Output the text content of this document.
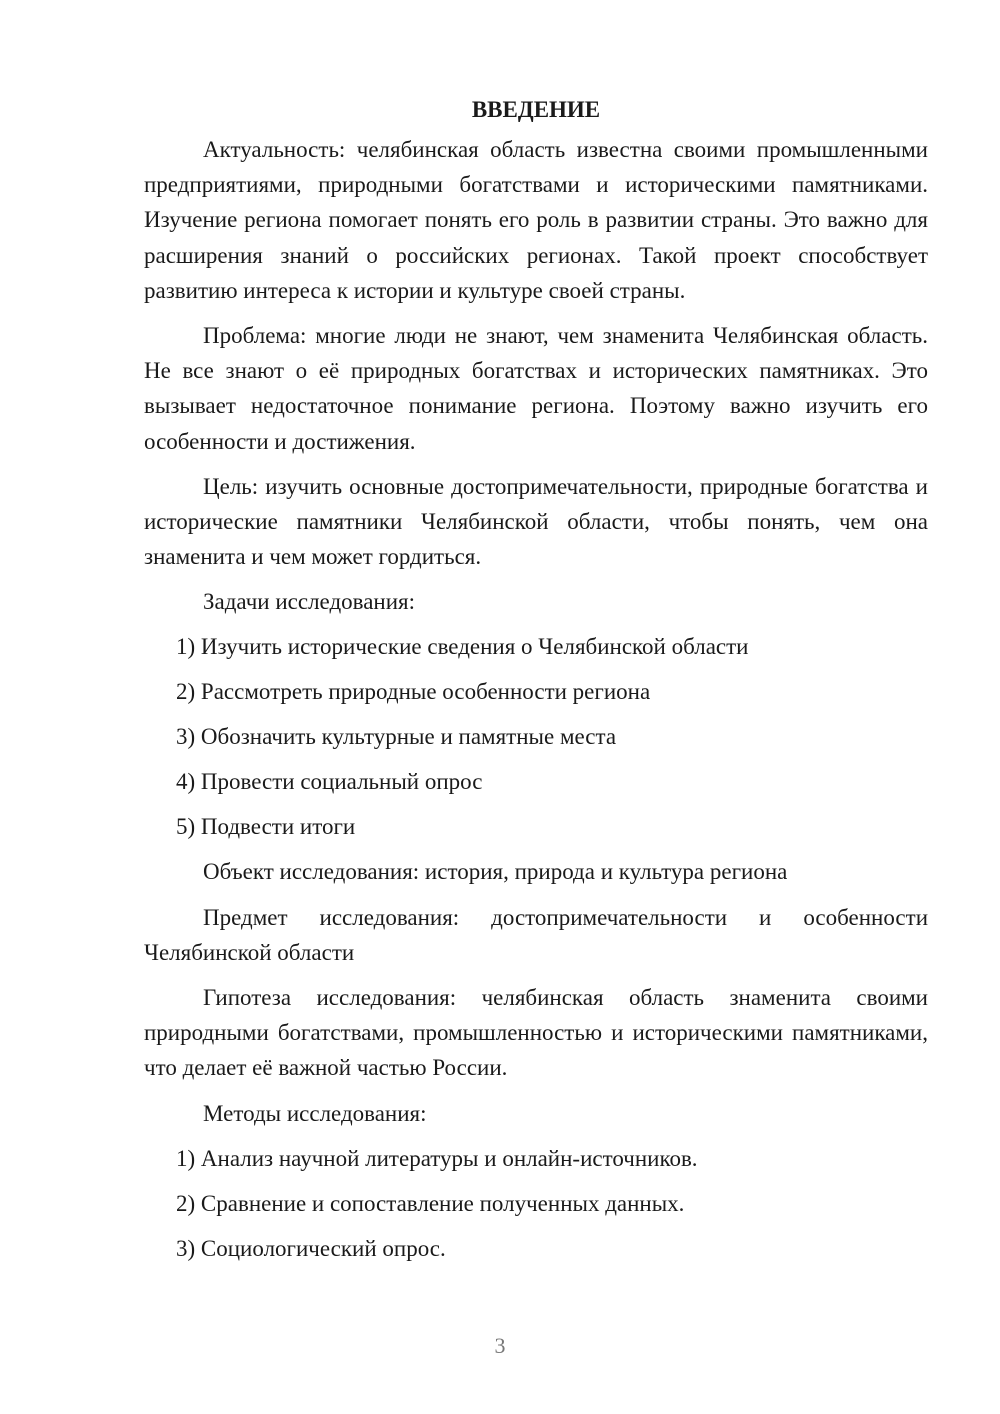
ВВЕДЕНИЕ

Актуальность: челябинская область известна своими промышленными предприятиями, природными богатствами и историческими памятниками. Изучение региона помогает понять его роль в развитии страны. Это важно для расширения знаний о российских регионах. Такой проект способствует развитию интереса к истории и культуре своей страны.

Проблема: многие люди не знают, чем знаменита Челябинская область. Не все знают о её природных богатствах и исторических памятниках. Это вызывает недостаточное понимание региона. Поэтому важно изучить его особенности и достижения.

Цель: изучить основные достопримечательности, природные богатства и исторические памятники Челябинской области, чтобы понять, чем она знаменита и чем может гордиться.

Задачи исследования:

1) Изучить исторические сведения о Челябинской области

2) Рассмотреть природные особенности региона

3) Обозначить культурные и памятные места

4) Провести социальный опрос

5) Подвести итоги

Объект исследования: история, природа и культура региона

Предмет исследования: достопримечательности и особенности Челябинской области

Гипотеза исследования: челябинская область знаменита своими природными богатствами, промышленностью и историческими памятниками, что делает её важной частью России.

Методы исследования:

1) Анализ научной литературы и онлайн-источников.

2) Сравнение и сопоставление полученных данных.

3) Социологический опрос.

3
